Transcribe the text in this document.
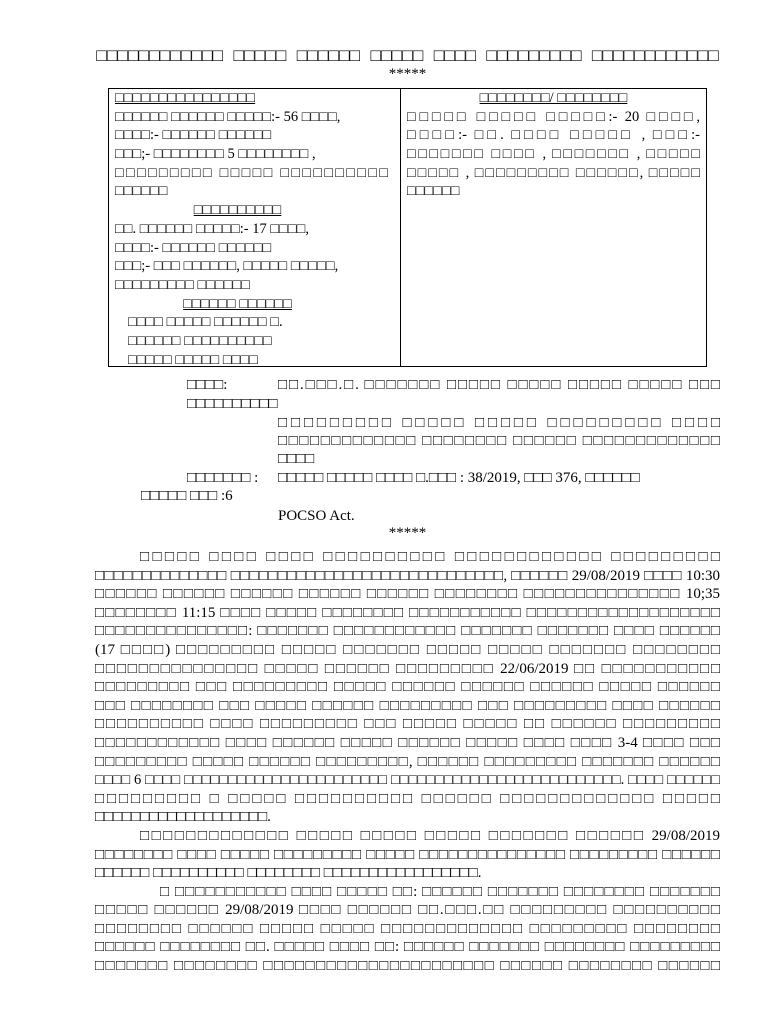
□□□□□□□□□□□□ □□□□□ □□□□□□ □□□□□ □□□□ □□□□□□□□□ □□□□□□□□□□□□
*****
□□□□□□□□□□□□□□□□
□□□□□□ □□□□□□ □□□□□:- 56 □□□□,
□□□□:- □□□□□□ □□□□□□
□□□;- □□□□□□□□ 5 □□□□□□□□ ,
□□□□□□□□□ □□□□□ □□□□□□□□□□
□□□□□□
□□□□□□□□□□
□□. □□□□□□ □□□□□:- 17 □□□□,
□□□□:- □□□□□□ □□□□□□
□□□;- □□□ □□□□□□, □□□□□ □□□□□,
□□□□□□□□□ □□□□□□
□□□□□□ □□□□□□
□□□□ □□□□□ □□□□□□ □.
□□□□□□ □□□□□□□□□□
□□□□□ □□□□□ □□□□
□□□□□□□□/ □□□□□□□□
□□□□□ □□□□□ □□□□□:- 20 □□□□,
□□□□:- □□. □□□□ □□□□□ , □□□:-
□□□□□□□ □□□□ , □□□□□□□ , □□□□□
□□□□□ , □□□□□□□□□ □□□□□□, □□□□□
□□□□□□
□□□□:	□□.□□□.□. □□□□□□□ □□□□□ □□□□□ □□□□□ □□□□□ □□□
□□□□□□□□□□
□□□□□□□□□ □□□□□ □□□□□ □□□□□□□□□ □□□□
□□□□□□□□□□□□□ □□□□□□□□ □□□□□□ □□□□□□□□□□□□□
□□□□
□□□□□□□ :	□□□□□ □□□□□ □□□□ □.□□□ : 38/2019, □□□ 376, □□□□□□
□□□□□ □□□ :6
POCSO Act.
*****
□□□□□ □□□□ □□□□ □□□□□□□□□□ □□□□□□□□□□□□ □□□□□□□□□
□□□□□□□□□□□□□□ □□□□□□□□□□□□□□□□□□□□□□□□□□□□□, □□□□□□ 29/08/2019 □□□□ 10:30
□□□□□□ □□□□□□ □□□□□□ □□□□□□ □□□□□□ □□□□□□□□ □□□□□□□□□□□□□□□ 10;35
□□□□□□□□ 11:15 □□□□ □□□□□ □□□□□□□□ □□□□□□□□□□□ □□□□□□□□□□□□□□□□□□□
□□□□□□□□□□□□□□□: □□□□□□□ □□□□□□□□□□□□ □□□□□□□ □□□□□□□ □□□□ □□□□□□
(17 □□□□) □□□□□□□□□ □□□□□ □□□□□□□ □□□□□ □□□□□ □□□□□□□ □□□□□□□□
□□□□□□□□□□□□□□□ □□□□□ □□□□□□ □□□□□□□□□ 22/06/2019 □□ □□□□□□□□□□□
□□□□□□□□□ □□□ □□□□□□□□□ □□□□□ □□□□□□ □□□□□□ □□□□□□ □□□□□ □□□□□□
□□□ □□□□□□□□ □□□ □□□□□ □□□□□□ □□□□□□□□□ □□□ □□□□□□□□□ □□□□ □□□□□□
□□□□□□□□□□ □□□□ □□□□□□□□□ □□□ □□□□□ □□□□□ □□ □□□□□□ □□□□□□□□□
□□□□□□□□□□□□ □□□□ □□□□□□ □□□□□ □□□□□□ □□□□□ □□□□ □□□□ 3-4 □□□□ □□□
□□□□□□□□□ □□□□□ □□□□□□ □□□□□□□□□, □□□□□□ □□□□□□□□□ □□□□□□□ □□□□□□
□□□□ 6 □□□□ □□□□□□□□□□□□□□□□□□□□□□□ □□□□□□□□□□□□□□□□□□□□□□□□□□. □□□□ □□□□□□
□□□□□□□□□ □ □□□□□ □□□□□□□□□□ □□□□□□ □□□□□□□□□□□□□ □□□□□
□□□□□□□□□□□□□□□□□□□.
□□□□□□□□□□□□□ □□□□□ □□□□□ □□□□□ □□□□□□□ □□□□□□ 29/08/2019
□□□□□□□□ □□□□ □□□□□ □□□□□□□□□ □□□□□ □□□□□□□□□□□□□□□ □□□□□□□□□ □□□□□□
□□□□□□ □□□□□□□□□□ □□□□□□□□ □□□□□□□□□□□□□□□□□.
□ □□□□□□□□□□□ □□□□ □□□□□ □□: □□□□□□ □□□□□□□ □□□□□□□□ □□□□□□□
□□□□□ □□□□□□ 29/08/2019 □□□□ □□□□□□ □□.□□□.□□ □□□□□□□□□ □□□□□□□□□□
□□□□□□□□ □□□□□□ □□□□□ □□□□□ □□□□□□□□□□□□□ □□□□□□□□□ □□□□□□□□
□□□□□□ □□□□□□□□ □□. □□□□□ □□□□ □□: □□□□□□ □□□□□□□ □□□□□□□□ □□□□□□□□□
□□□□□□□ □□□□□□□□ □□□□□□□□□□□□□□□□□□□□□□ □□□□□□ □□□□□□□□ □□□□□□
